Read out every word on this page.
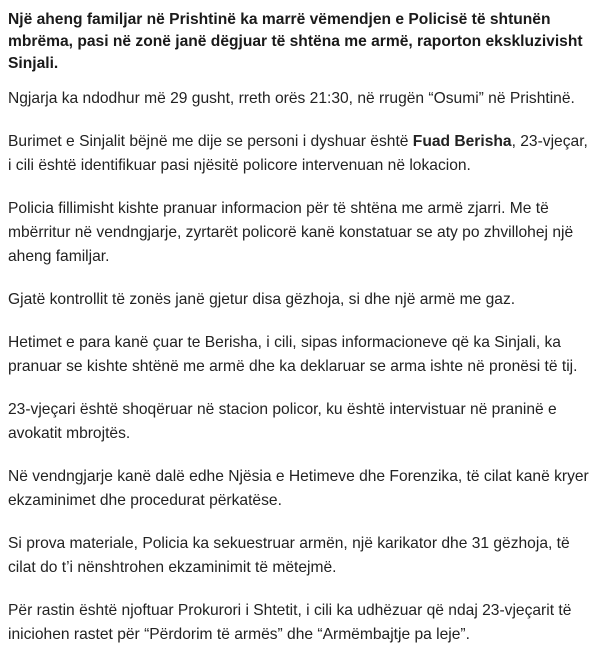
Një aheng familjar në Prishtinë ka marrë vëmendjen e Policisë të shtunën mbrëma, pasi në zonë janë dëgjuar të shtëna me armë, raporton ekskluzivisht Sinjali.

Ngjarja ka ndodhur më 29 gusht, rreth orës 21:30, në rrugën “Osumi” në Prishtinë.

Burimet e Sinjalit bëjnë me dije se personi i dyshuar është Fuad Berisha, 23-vjeçar, i cili është identifikuar pasi njësitë policore intervenuan në lokacion.

Policia fillimisht kishte pranuar informacion për të shtëna me armë zjarri. Me të mbërritur në vendngjarje, zyrtarët policorë kanë konstatuar se aty po zhvillohej një aheng familjar.

Gjatë kontrollit të zonës janë gjetur disa gëzhoja, si dhe një armë me gaz.

Hetimet e para kanë çuar te Berisha, i cili, sipas informacioneve që ka Sinjali, ka pranuar se kishte shtënë me armë dhe ka deklaruar se arma ishte në pronësi të tij.

23-vjeçari është shoqëruar në stacion policor, ku është intervistuar në praninë e avokatit mbrojtës.

Në vendngjarje kanë dalë edhe Njësia e Hetimeve dhe Forenzika, të cilat kanë kryer ekzaminimet dhe procedurat përkatëse.

Si prova materiale, Policia ka sekuestruar armën, një karikator dhe 31 gëzhoja, të cilat do t’i nënshtrohen ekzaminimit të mëtejmë.

Për rastin është njoftuar Prokurori i Shtetit, i cili ka udhëzuar që ndaj 23-vjeçarit të iniciohen rastet për “Përdorim të armës” dhe “Armëmbajtje pa leje”.
